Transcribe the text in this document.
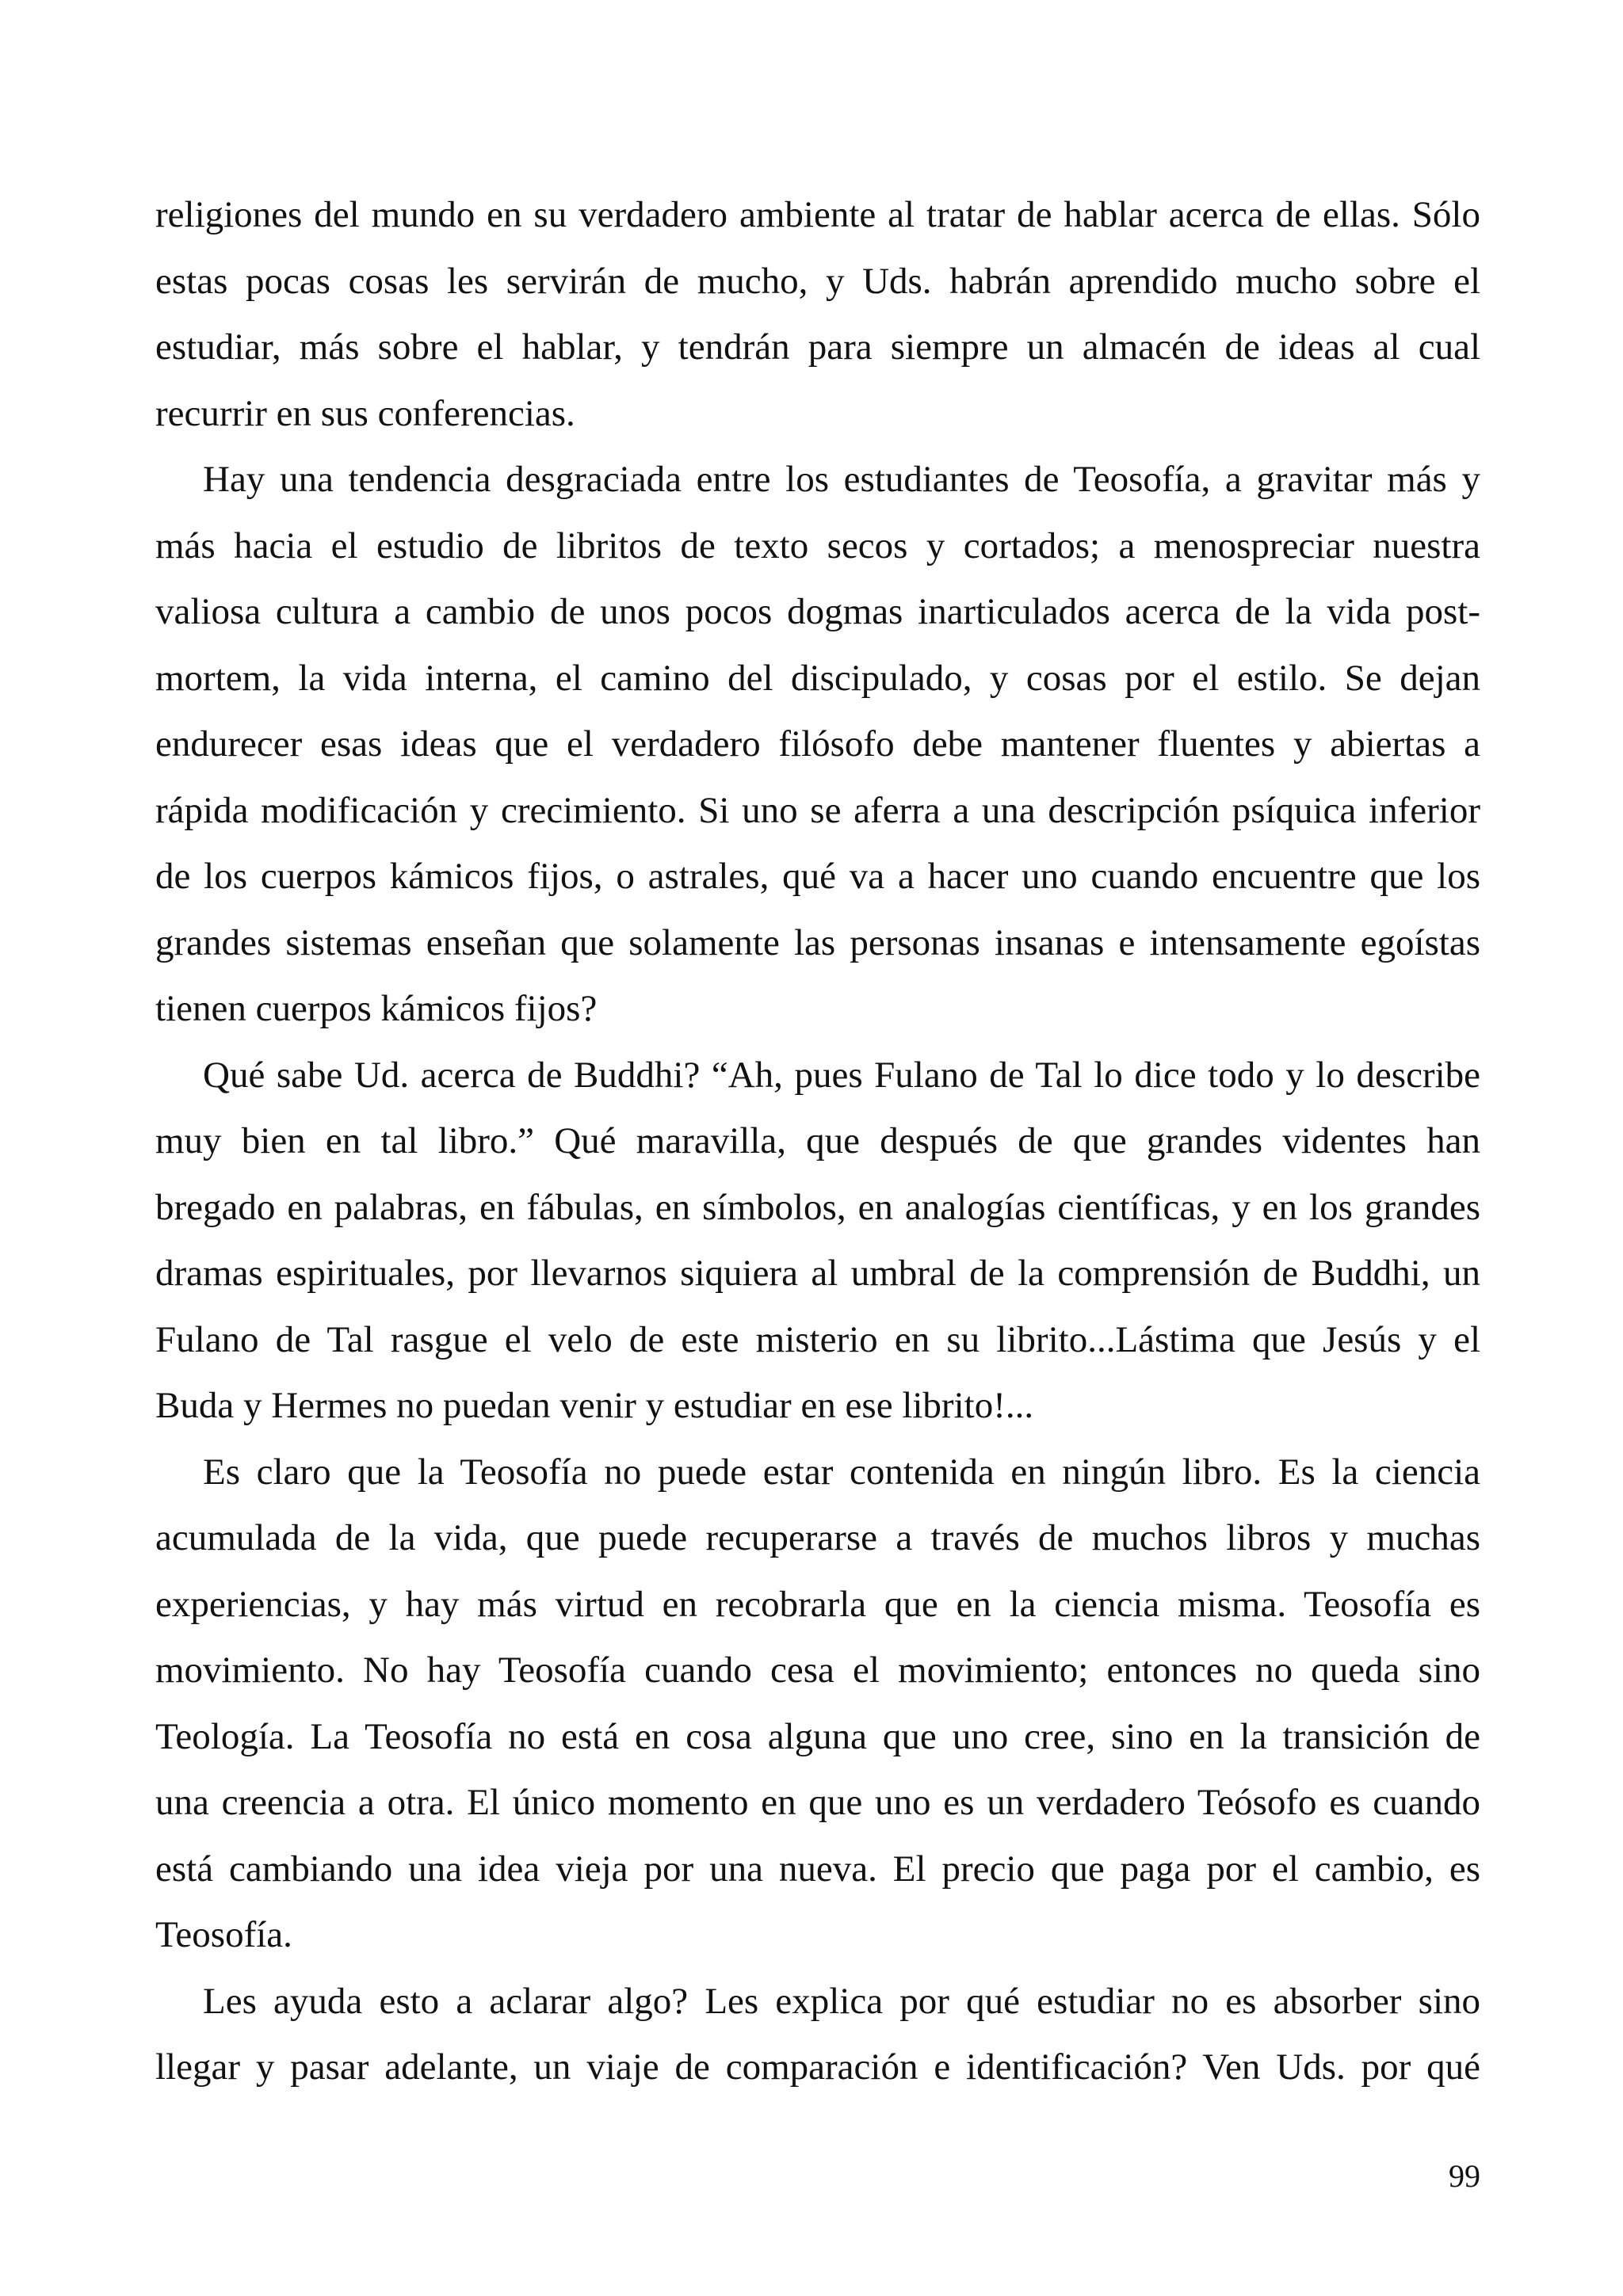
religiones del mundo en su verdadero ambiente al tratar de hablar acerca de ellas. Sólo
estas pocas cosas les servirán de mucho, y Uds. habrán aprendido mucho sobre el
estudiar, más sobre el hablar, y tendrán para siempre un almacén de ideas al cual
recurrir en sus conferencias.
Hay una tendencia desgraciada entre los estudiantes de Teosofía, a gravitar más y
más hacia el estudio de libritos de texto secos y cortados; a menospreciar nuestra
valiosa cultura a cambio de unos pocos dogmas inarticulados acerca de la vida post-
mortem, la vida interna, el camino del discipulado, y cosas por el estilo. Se dejan
endurecer esas ideas que el verdadero filósofo debe mantener fluentes y abiertas a
rápida modificación y crecimiento. Si uno se aferra a una descripción psíquica inferior
de los cuerpos kámicos fijos, o astrales, qué va a hacer uno cuando encuentre que los
grandes sistemas enseñan que solamente las personas insanas e intensamente egoístas
tienen cuerpos kámicos fijos?
Qué sabe Ud. acerca de Buddhi? “Ah, pues Fulano de Tal lo dice todo y lo describe
muy bien en tal libro.” Qué maravilla, que después de que grandes videntes han
bregado en palabras, en fábulas, en símbolos, en analogías científicas, y en los grandes
dramas espirituales, por llevarnos siquiera al umbral de la comprensión de Buddhi, un
Fulano de Tal rasgue el velo de este misterio en su librito...Lástima que Jesús y el
Buda y Hermes no puedan venir y estudiar en ese librito!...
Es claro que la Teosofía no puede estar contenida en ningún libro. Es la ciencia
acumulada de la vida, que puede recuperarse a través de muchos libros y muchas
experiencias, y hay más virtud en recobrarla que en la ciencia misma. Teosofía es
movimiento. No hay Teosofía cuando cesa el movimiento; entonces no queda sino
Teología. La Teosofía no está en cosa alguna que uno cree, sino en la transición de
una creencia a otra. El único momento en que uno es un verdadero Teósofo es cuando
está cambiando una idea vieja por una nueva. El precio que paga por el cambio, es
Teosofía.
Les ayuda esto a aclarar algo? Les explica por qué estudiar no es absorber sino
llegar y pasar adelante, un viaje de comparación e identificación? Ven Uds. por qué
99
